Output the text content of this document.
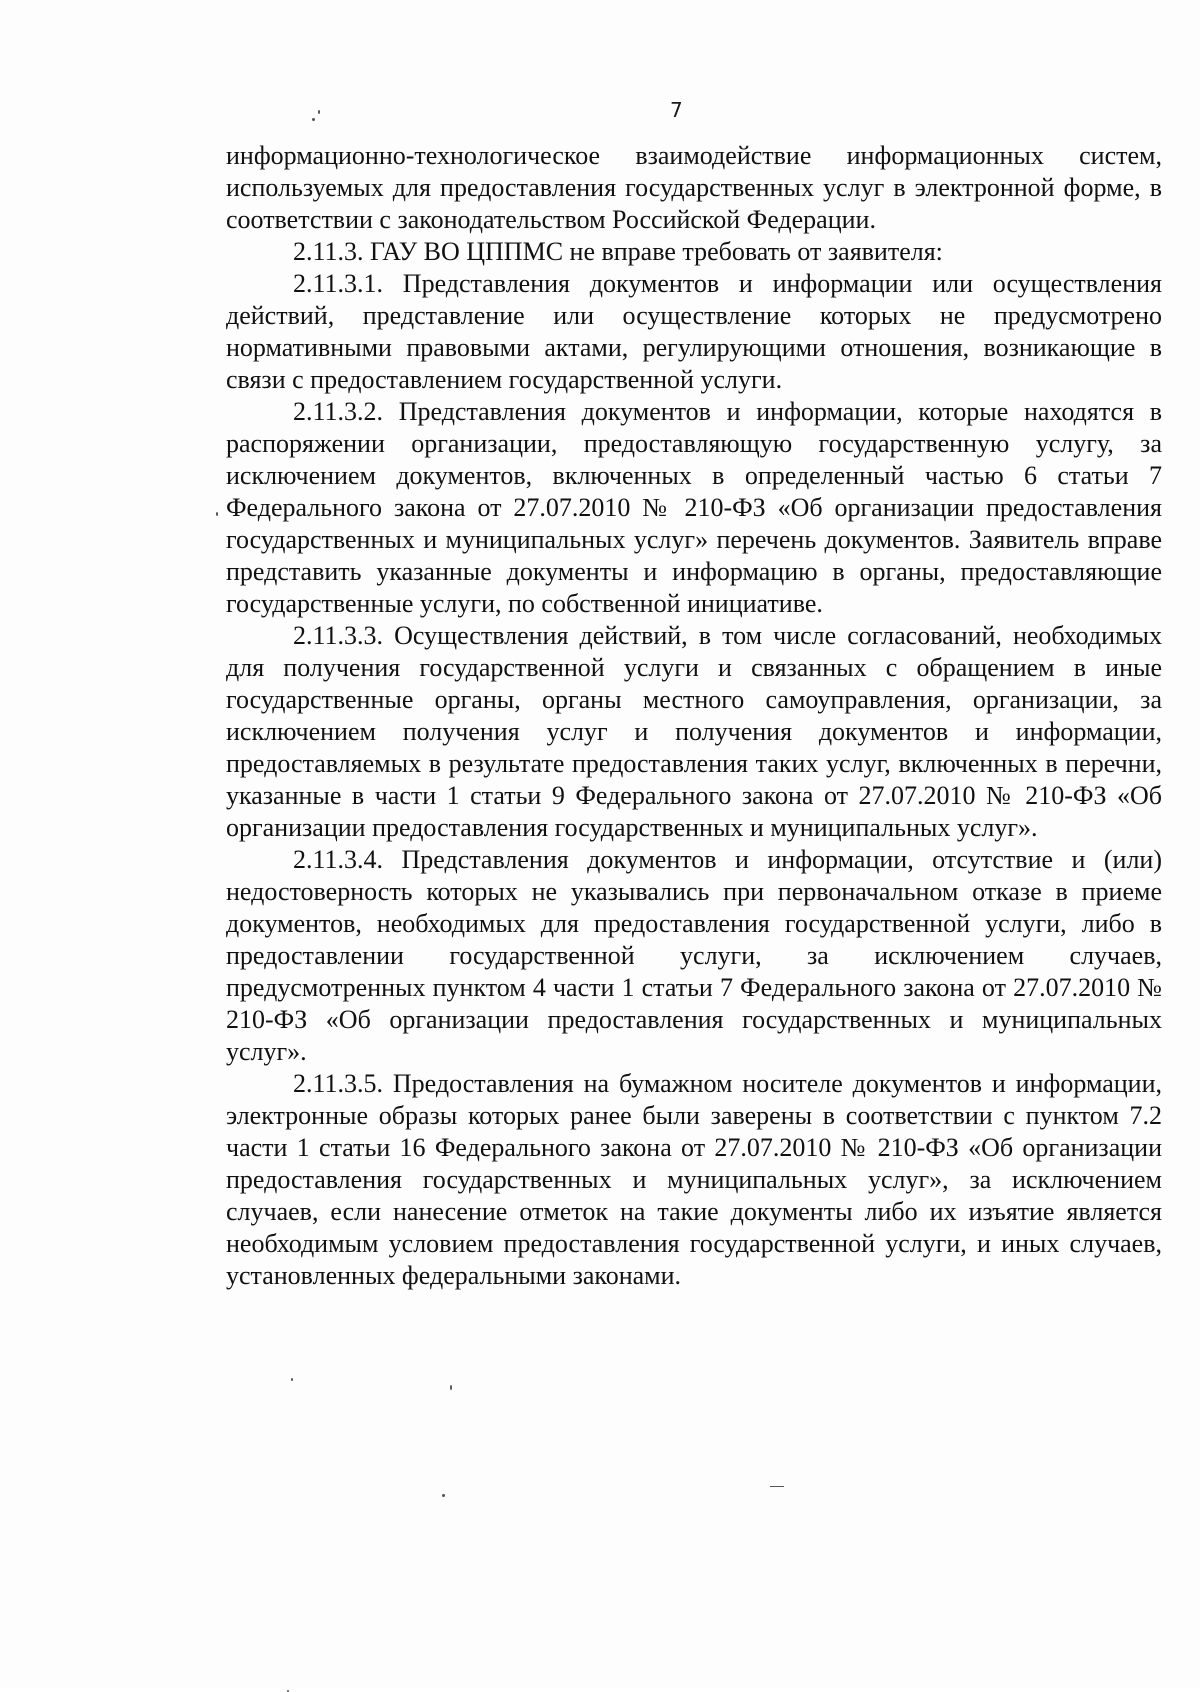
7

информационно-технологическое взаимодействие информационных систем, используемых для предоставления государственных услуг в электронной форме, в соответствии с законодательством Российской Федерации.

2.11.3. ГАУ ВО ЦППМС не вправе требовать от заявителя:

2.11.3.1. Представления документов и информации или осуществления действий, представление или осуществление которых не предусмотрено нормативными правовыми актами, регулирующими отношения, возникающие в связи с предоставлением государственной услуги.

2.11.3.2. Представления документов и информации, которые находятся в распоряжении организации, предоставляющую государственную услугу, за исключением документов, включенных в определенный частью 6 статьи 7 Федерального закона от 27.07.2010 № 210-ФЗ «Об организации предоставления государственных и муниципальных услуг» перечень документов. Заявитель вправе представить указанные документы и информацию в органы, предоставляющие государственные услуги, по собственной инициативе.

2.11.3.3. Осуществления действий, в том числе согласований, необходимых для получения государственной услуги и связанных с обращением в иные государственные органы, органы местного самоуправления, организации, за исключением получения услуг и получения документов и информации, предоставляемых в результате предоставления таких услуг, включенных в перечни, указанные в части 1 статьи 9 Федерального закона от 27.07.2010 № 210-ФЗ «Об организации предоставления государственных и муниципальных услуг».

2.11.3.4. Представления документов и информации, отсутствие и (или) недостоверность которых не указывались при первоначальном отказе в приеме документов, необходимых для предоставления государственной услуги, либо в предоставлении государственной услуги, за исключением случаев, предусмотренных пунктом 4 части 1 статьи 7 Федерального закона от 27.07.2010 № 210-ФЗ «Об организации предоставления государственных и муниципальных услуг».

2.11.3.5. Предоставления на бумажном носителе документов и информации, электронные образы которых ранее были заверены в соответствии с пунктом 7.2 части 1 статьи 16 Федерального закона от 27.07.2010 № 210-ФЗ «Об организации предоставления государственных и муниципальных услуг», за исключением случаев, если нанесение отметок на такие документы либо их изъятие является необходимым условием предоставления государственной услуги, и иных случаев, установленных федеральными законами.
